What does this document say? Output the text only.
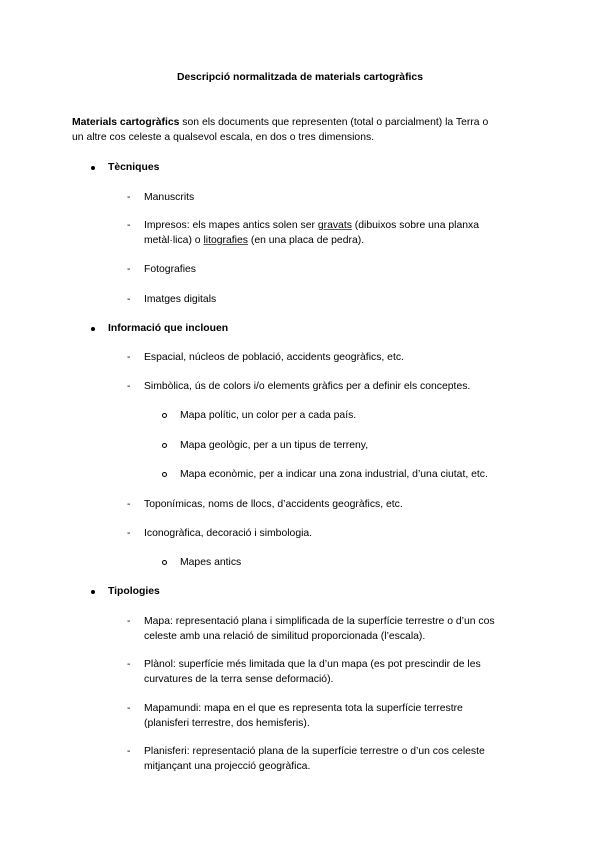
Descripció normalitzada de materials cartogràfics
Materials cartogràfics son els documents que representen (total o parcialment) la Terra o
un altre cos celeste a qualsevol escala, en dos o tres dimensions.
Tècniques
- Manuscrits
- Impresos: els mapes antics solen ser gravats (dibuixos sobre una planxa
metàl·lica) o litografies (en una placa de pedra).
- Fotografies
- Imatges digitals
Informació que inclouen
- Espacial, núcleos de població, accidents geogràfics, etc.
- Simbòlica, ús de colors i/o elements gràfics per a definir els conceptes.
Mapa polític, un color per a cada país.
Mapa geològic, per a un tipus de terreny,
Mapa econòmic, per a indicar una zona industrial, d’una ciutat, etc.
- Toponímicas, noms de llocs, d’accidents geogràfics, etc.
- Iconogràfica, decoració i simbologia.
Mapes antics
Tipologies
- Mapa: representació plana i simplificada de la superfície terrestre o d’un cos
celeste amb una relació de similitud proporcionada (l’escala).
- Plànol: superfície més limitada que la d’un mapa (es pot prescindir de les
curvatures de la terra sense deformació).
- Mapamundi: mapa en el que es representa tota la superfície terrestre
(planisferi terrestre, dos hemisferis).
- Planisferi: representació plana de la superfície terrestre o d’un cos celeste
mitjançant una projecció geogràfica.
